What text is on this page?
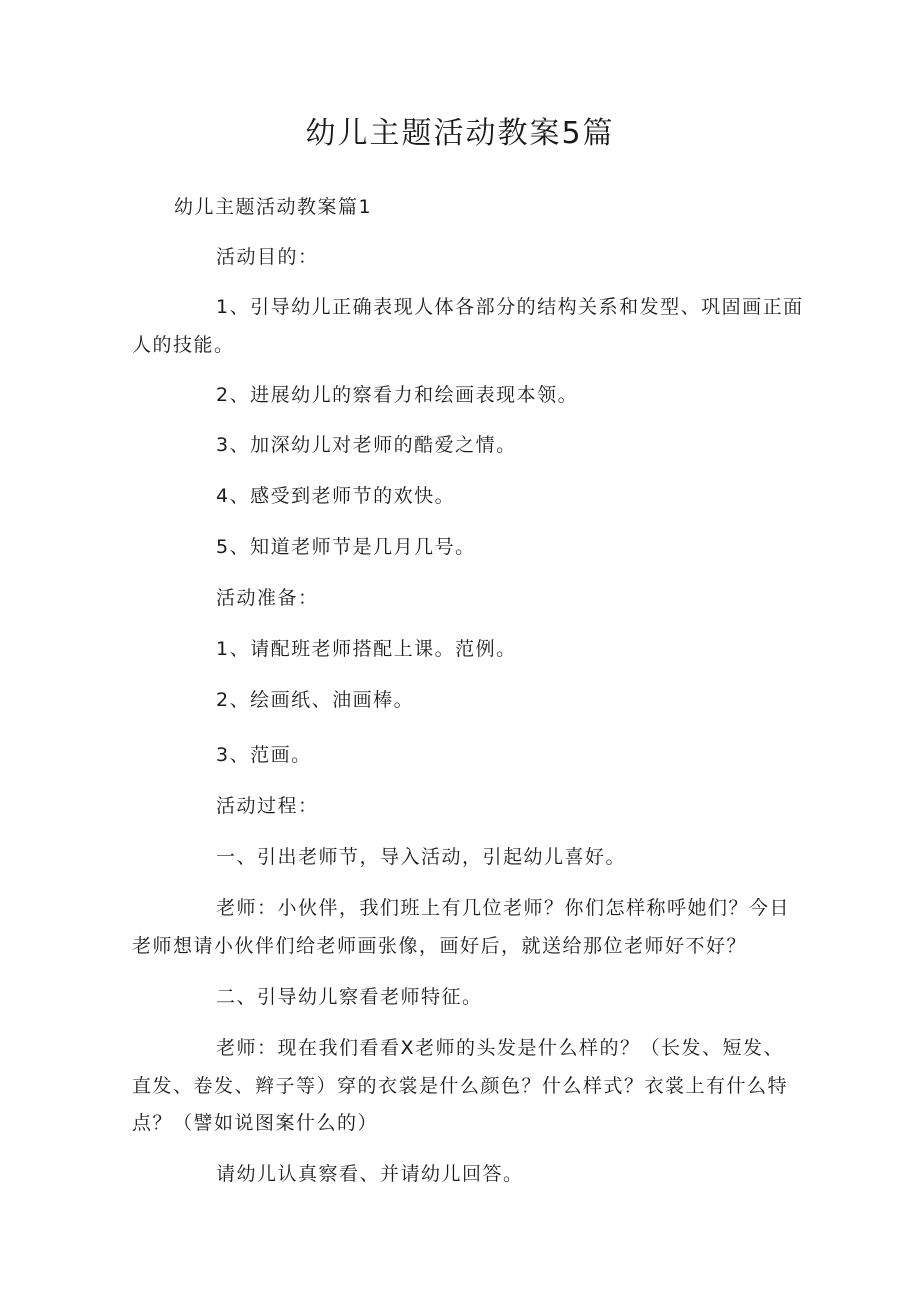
幼儿主题活动教案5篇
幼儿主题活动教案篇1
活动目的：
1、引导幼儿正确表现人体各部分的结构关系和发型、巩固画正面
人的技能。
2、进展幼儿的察看力和绘画表现本领。
3、加深幼儿对老师的酷爱之情。
4、感受到老师节的欢快。
5、知道老师节是几月几号。
活动准备：
1、请配班老师搭配上课。范例。
2、绘画纸、油画棒。
3、范画。
活动过程：
一、引出老师节，导入活动，引起幼儿喜好。
老师：小伙伴，我们班上有几位老师？你们怎样称呼她们？今日
老师想请小伙伴们给老师画张像，画好后，就送给那位老师好不好？
二、引导幼儿察看老师特征。
老师：现在我们看看X老师的头发是什么样的？（长发、短发、
直发、卷发、辫子等）穿的衣裳是什么颜色？什么样式？衣裳上有什么特
点？（譬如说图案什么的）
请幼儿认真察看、并请幼儿回答。
